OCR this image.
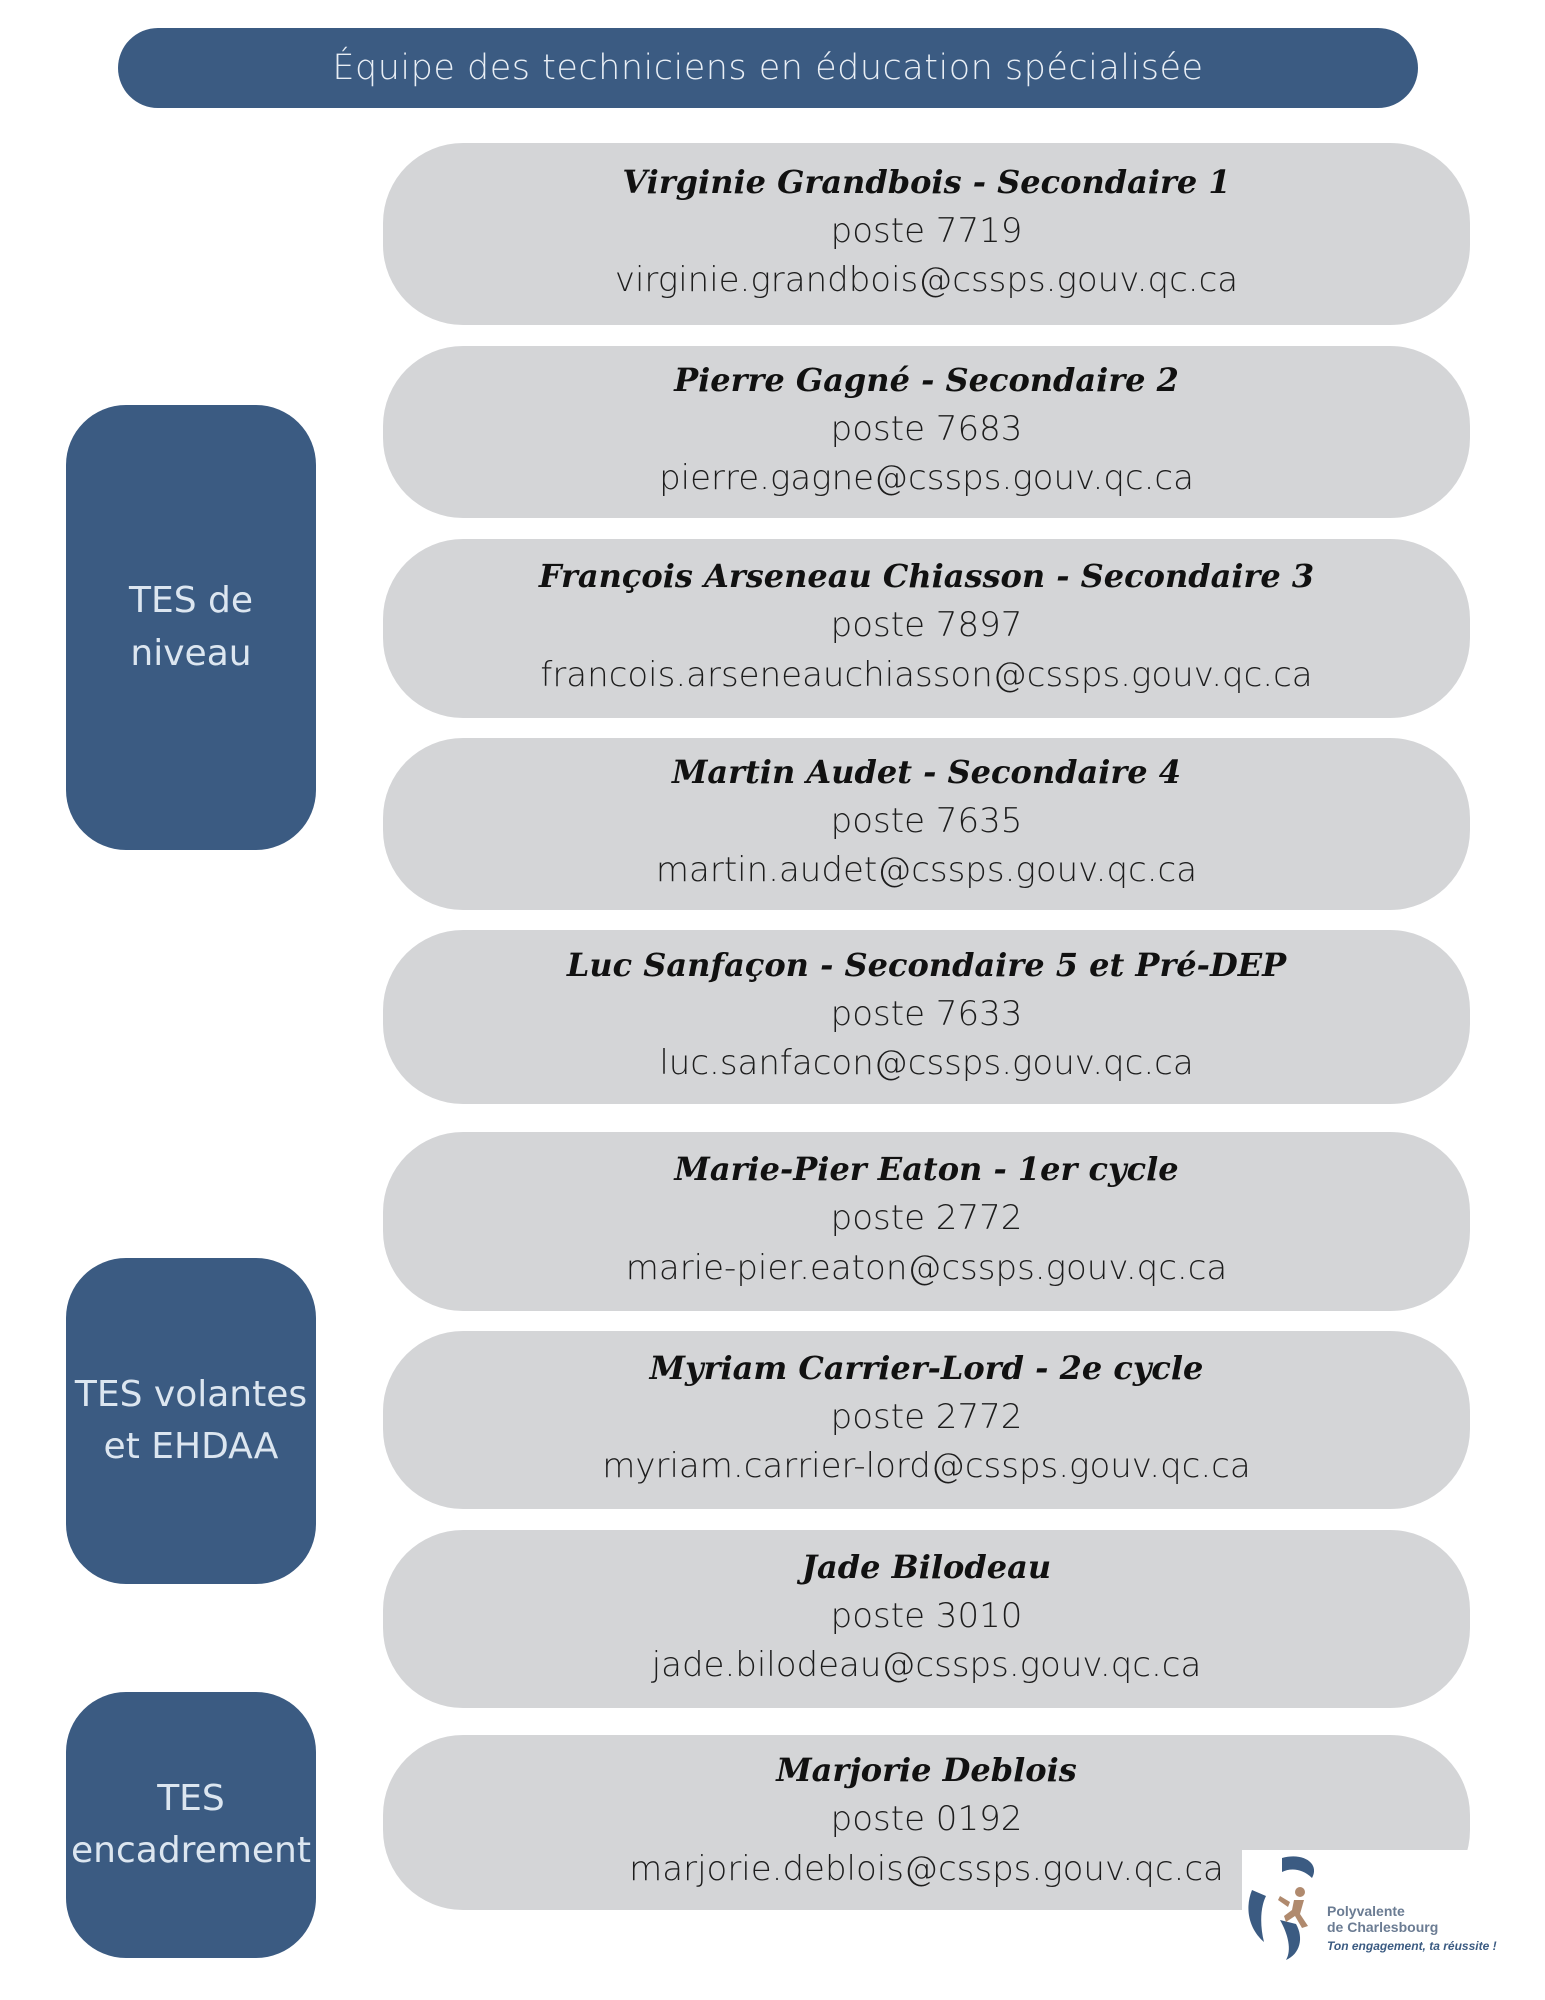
Équipe des techniciens en éducation spécialisée
TES de
niveau
TES volantes
et EHDAA
TES
encadrement
Virginie Grandbois - Secondaire 1
poste 7719
virginie.grandbois@cssps.gouv.qc.ca
Pierre Gagné - Secondaire 2
poste 7683
pierre.gagne@cssps.gouv.qc.ca
François Arseneau Chiasson - Secondaire 3
poste 7897
francois.arseneauchiasson@cssps.gouv.qc.ca
Martin Audet - Secondaire 4
poste 7635
martin.audet@cssps.gouv.qc.ca
Luc Sanfaçon - Secondaire 5 et Pré-DEP
poste 7633
luc.sanfacon@cssps.gouv.qc.ca
Marie-Pier Eaton - 1er cycle
poste 2772
marie-pier.eaton@cssps.gouv.qc.ca
Myriam Carrier-Lord - 2e cycle
poste 2772
myriam.carrier-lord@cssps.gouv.qc.ca
Jade Bilodeau
poste 3010
jade.bilodeau@cssps.gouv.qc.ca
Marjorie Deblois
poste 0192
marjorie.deblois@cssps.gouv.qc.ca
Polyvalente
de Charlesbourg
Ton engagement, ta réussite !
